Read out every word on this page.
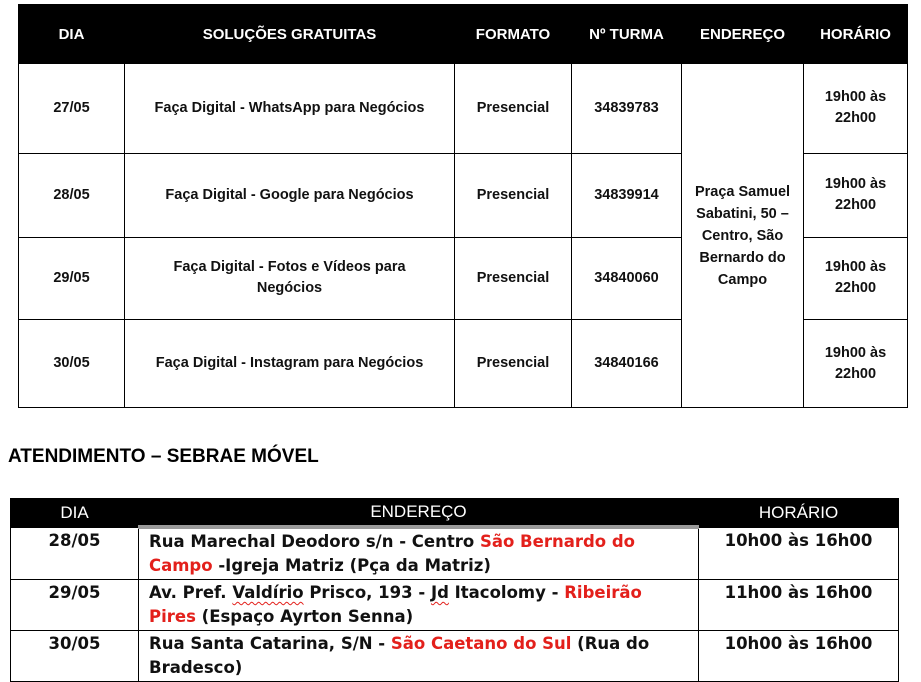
DIA	SOLUÇÕES GRATUITAS	FORMATO	Nº TURMA	ENDEREÇO	HORÁRIO
27/05	Faça Digital - WhatsApp para Negócios	Presencial	34839783	Praça Samuel Sabatini, 50 – Centro, São Bernardo do Campo	19h00 às 22h00
28/05	Faça Digital - Google para Negócios	Presencial	34839914		19h00 às 22h00
29/05	Faça Digital - Fotos e Vídeos para Negócios	Presencial	34840060		19h00 às 22h00
30/05	Faça Digital - Instagram para Negócios	Presencial	34840166		19h00 às 22h00
ATENDIMENTO – SEBRAE MÓVEL
DIA	ENDEREÇO	HORÁRIO
28/05	Rua Marechal Deodoro s/n - Centro São Bernardo do Campo -Igreja Matriz (Pça da Matriz)	10h00 às 16h00
29/05	Av. Pref. Valdírio Prisco, 193 - Jd Itacolomy - Ribeirão Pires (Espaço Ayrton Senna)	11h00 às 16h00
30/05	Rua Santa Catarina, S/N - São Caetano do Sul (Rua do Bradesco)	10h00 às 16h00
